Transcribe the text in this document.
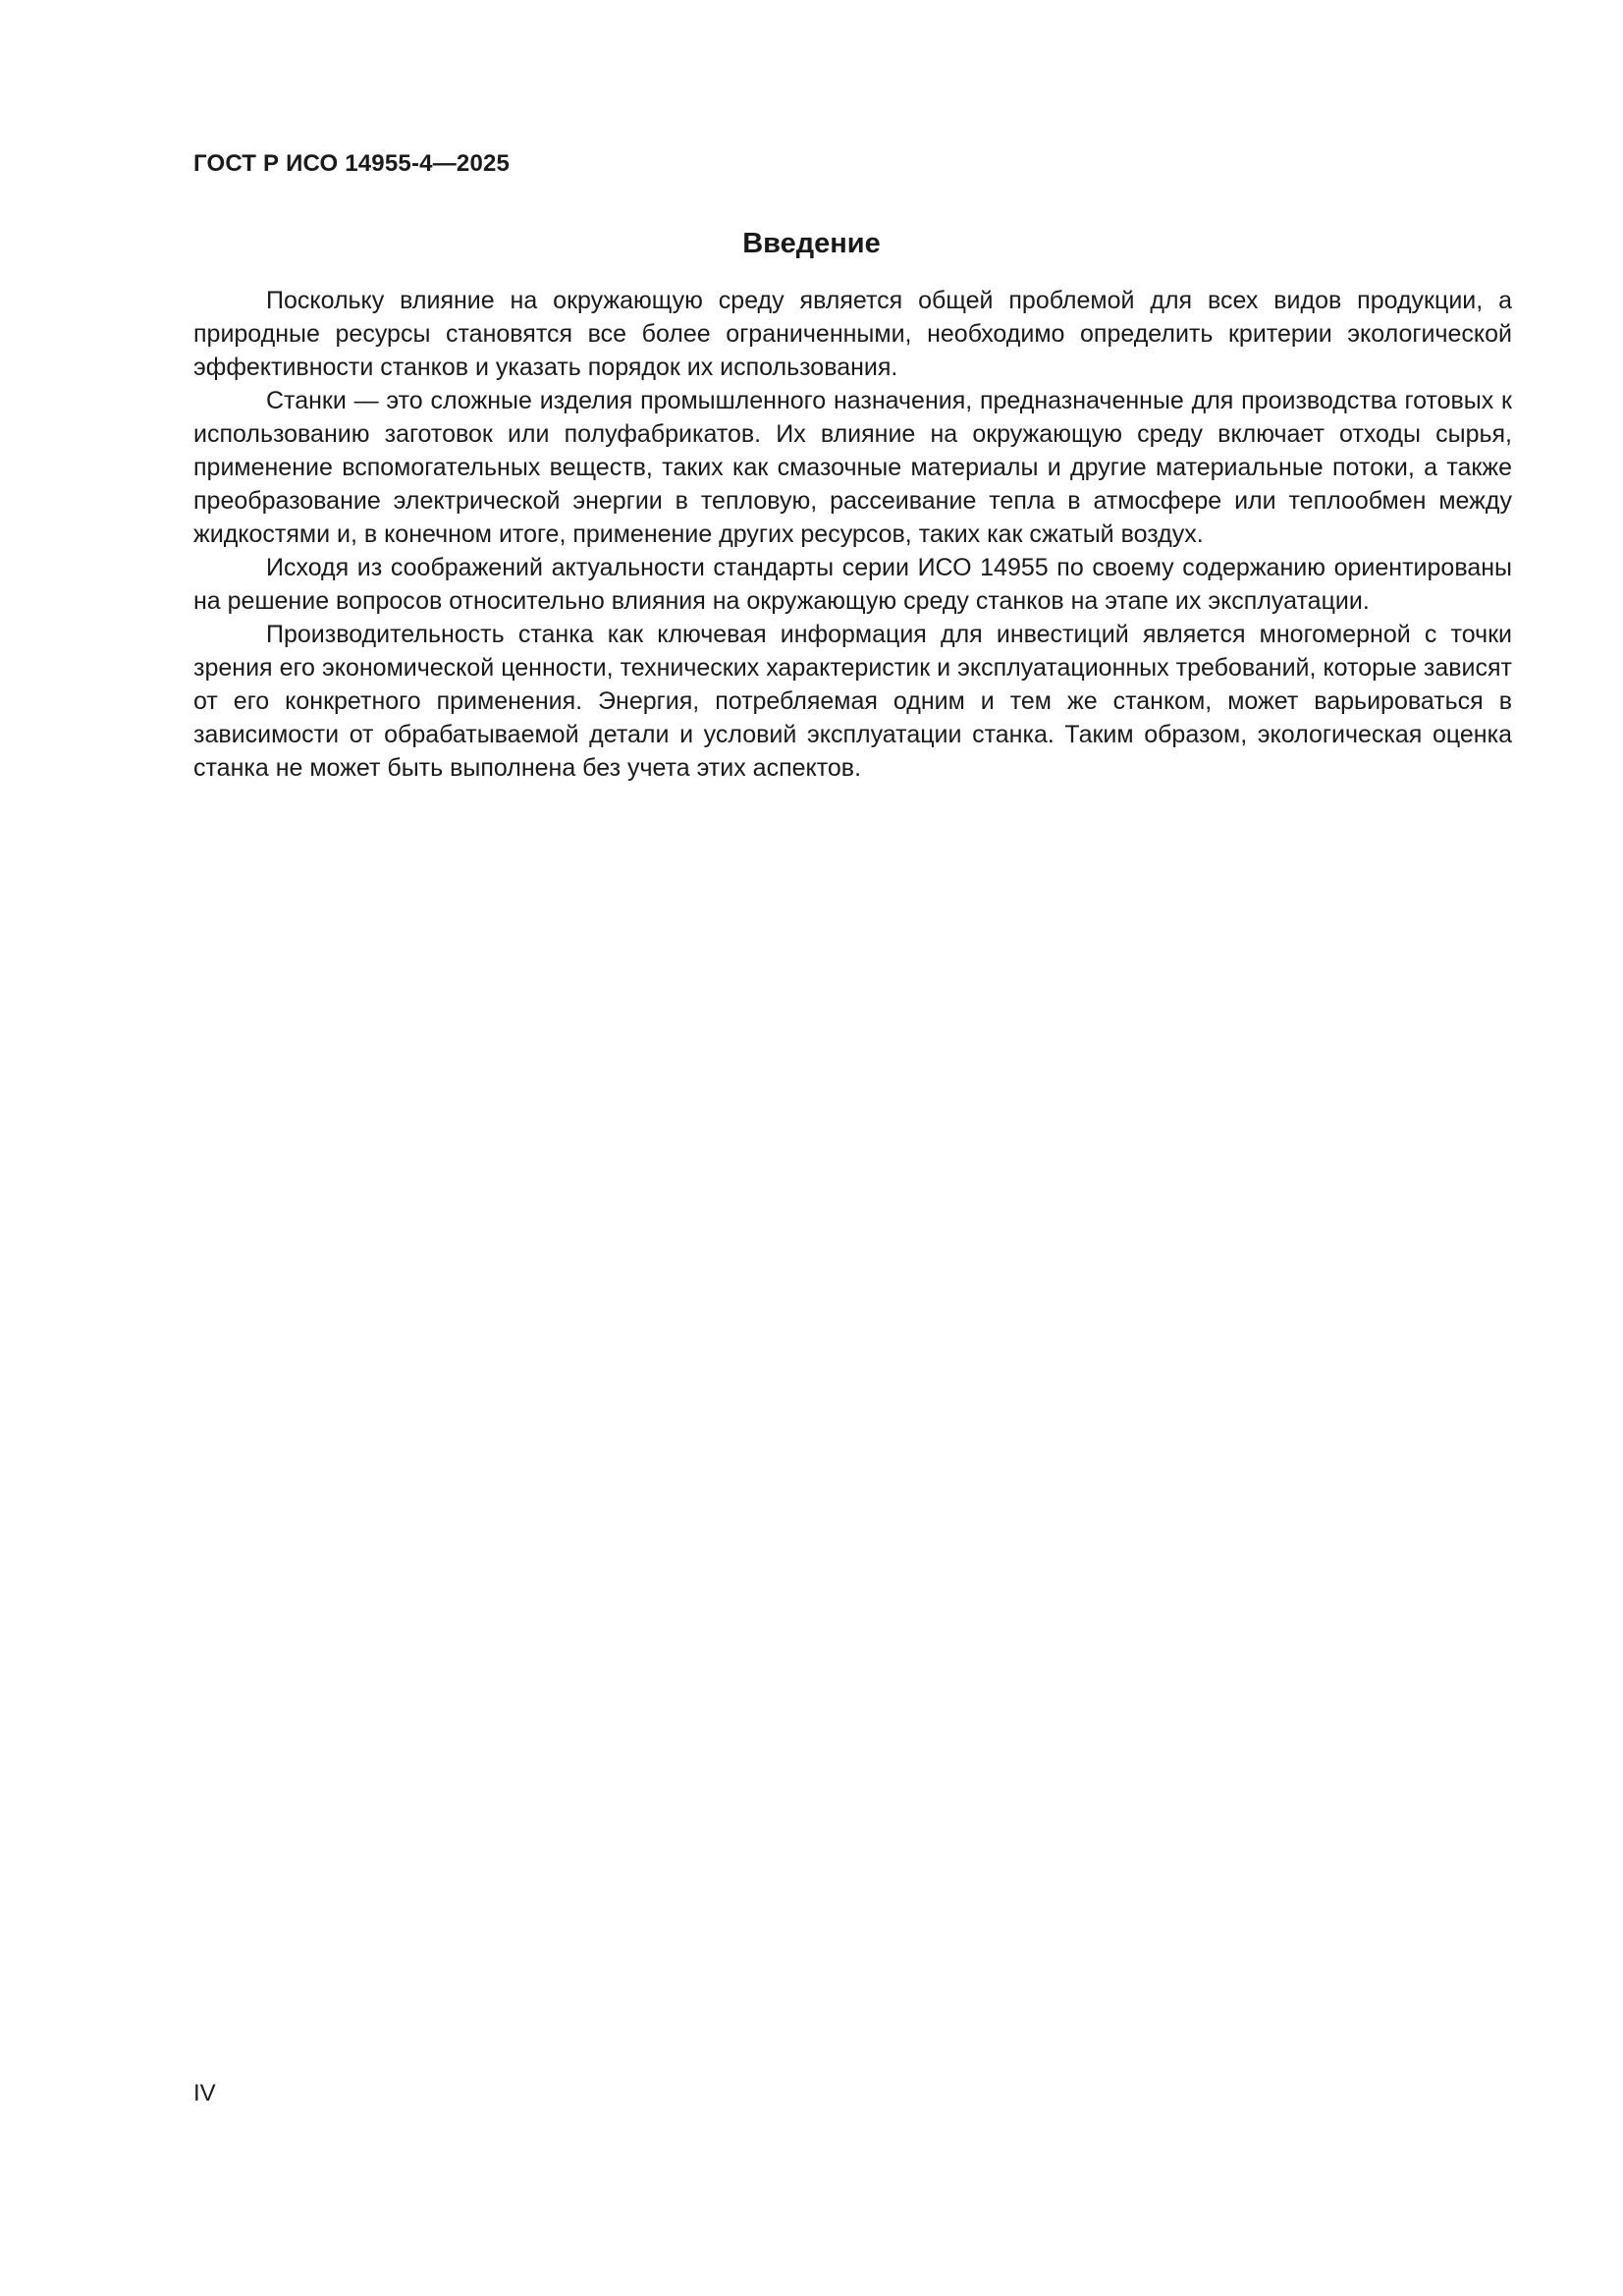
ГОСТ Р ИСО 14955-4—2025

Введение

Поскольку влияние на окружающую среду является общей проблемой для всех видов продукции, а природные ресурсы становятся все более ограниченными, необходимо определить критерии экологической эффективности станков и указать порядок их использования.

Станки — это сложные изделия промышленного назначения, предназначенные для производства готовых к использованию заготовок или полуфабрикатов. Их влияние на окружающую среду включает отходы сырья, применение вспомогательных веществ, таких как смазочные материалы и другие материальные потоки, а также преобразование электрической энергии в тепловую, рассеивание тепла в атмосфере или теплообмен между жидкостями и, в конечном итоге, применение других ресурсов, таких как сжатый воздух.

Исходя из соображений актуальности стандарты серии ИСО 14955 по своему содержанию ориентированы на решение вопросов относительно влияния на окружающую среду станков на этапе их эксплуатации.

Производительность станка как ключевая информация для инвестиций является многомерной с точки зрения его экономической ценности, технических характеристик и эксплуатационных требований, которые зависят от его конкретного применения. Энергия, потребляемая одним и тем же станком, может варьироваться в зависимости от обрабатываемой детали и условий эксплуатации станка. Таким образом, экологическая оценка станка не может быть выполнена без учета этих аспектов.

IV
